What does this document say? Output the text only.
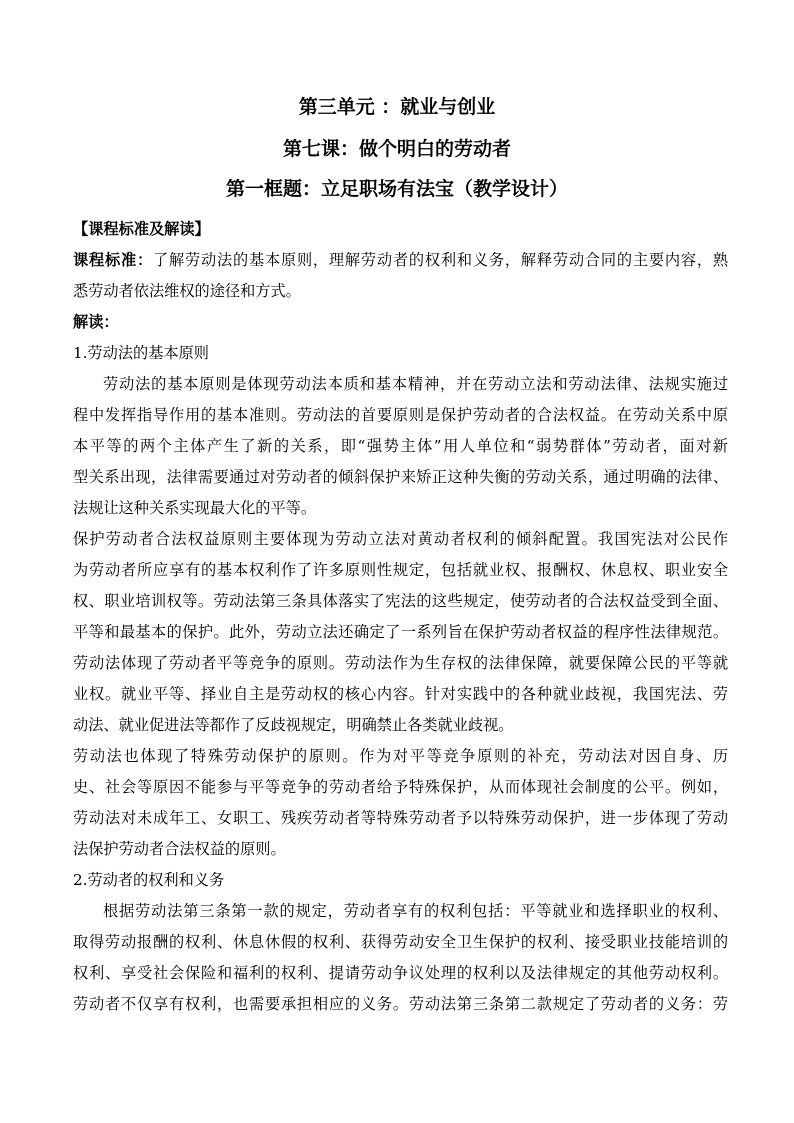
第三单元 ：就业与创业
第七课：做个明白的劳动者
第一框题：立足职场有法宝（教学设计）
【课程标准及解读】
课程标准：了解劳动法的基本原则，理解劳动者的权利和义务，解释劳动合同的主要内容，熟
悉劳动者依法维权的途径和方式。
解读：
1.劳动法的基本原则
劳动法的基本原则是体现劳动法本质和基本精神，并在劳动立法和劳动法律、法规实施过
程中发挥指导作用的基本准则。劳动法的首要原则是保护劳动者的合法权益。在劳动关系中原
本平等的两个主体产生了新的关系，即“强势主体”用人单位和“弱势群体”劳动者，面对新
型关系出现，法律需要通过对劳动者的倾斜保护来矫正这种失衡的劳动关系，通过明确的法律、
法规让这种关系实现最大化的平等。
保护劳动者合法权益原则主要体现为劳动立法对黄动者权利的倾斜配置。我国宪法对公民作
为劳动者所应享有的基本权利作了许多原则性规定，包括就业权、报酬权、休息权、职业安全
权、职业培训权等。劳动法第三条具体落实了宪法的这些规定，使劳动者的合法权益受到全面、
平等和最基本的保护。此外，劳动立法还确定了一系列旨在保护劳动者权益的程序性法律规范。
劳动法体现了劳动者平等竞争的原则。劳动法作为生存权的法律保障，就要保障公民的平等就
业权。就业平等、择业自主是劳动权的核心内容。针对实践中的各种就业歧视，我国宪法、劳
动法、就业促进法等都作了反歧视规定，明确禁止各类就业歧视。
劳动法也体现了特殊劳动保护的原则。作为对平等竞争原则的补充，劳动法对因自身、历
史、社会等原因不能参与平等竞争的劳动者给予特殊保护，从而体现社会制度的公平。例如，
劳动法对未成年工、女职工、残疾劳动者等特殊劳动者予以特殊劳动保护，进一步体现了劳动
法保护劳动者合法权益的原则。
2.劳动者的权利和义务
根据劳动法第三条第一款的规定，劳动者享有的权利包括：平等就业和选择职业的权利、
取得劳动报酬的权利、休息休假的权利、获得劳动安全卫生保护的权利、接受职业技能培训的
权利、享受社会保险和福利的权利、提请劳动争议处理的权利以及法律规定的其他劳动权利。
劳动者不仅享有权利，也需要承担相应的义务。劳动法第三条第二款规定了劳动者的义务：劳
